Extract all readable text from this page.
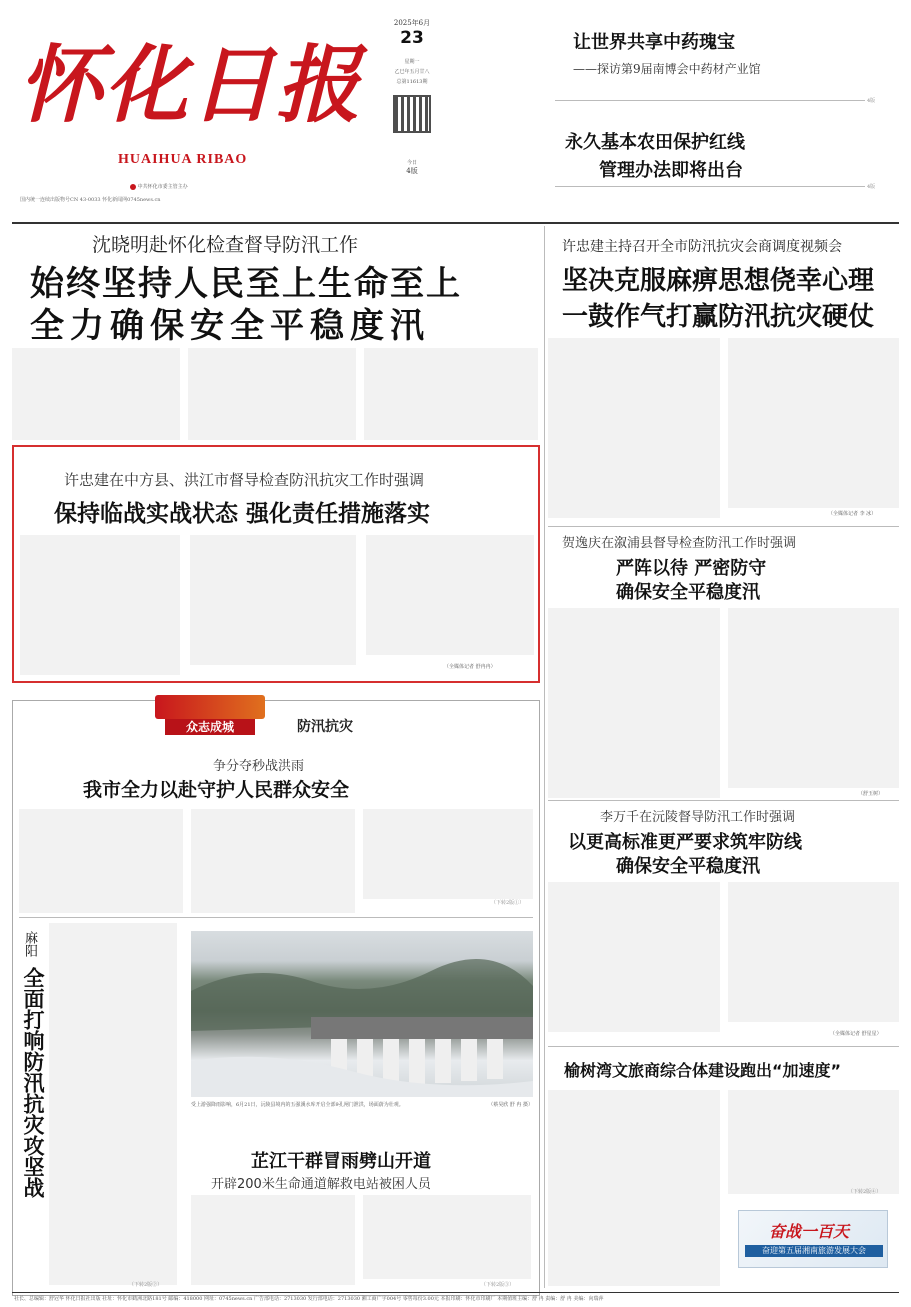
怀化日报
HUAIHUA RIBAO
中共怀化市委主管主办
国内统一连续出版物号CN 43-0033 怀化新闻网0745news.cn
2025年6月
23
星期一
乙巳年五月廿八
总第11613期
今日
4版
让世界共享中药瑰宝
——探访第9届南博会中药材产业馆
4版
永久基本农田保护红线
管理办法即将出台
4版
沈晓明赴怀化检查督导防汛工作
始终坚持人民至上生命至上
全力确保安全平稳度汛
许忠建主持召开全市防汛抗灾会商调度视频会
坚决克服麻痹思想侥幸心理
一鼓作气打赢防汛抗灾硬仗
（全媒体记者 李 冰）
许忠建在中方县、洪江市督导检查防汛抗灾工作时强调
保持临战实战状态 强化责任措施落实
（全媒体记者 舒冉冉）
众志成城	防汛抗灾
争分夺秒战洪雨
我市全力以赴守护人民群众安全
（下转2版①）
麻阳
全面打响防汛抗灾攻坚战
（下转2版②）
受上游强降雨影响，6月21日，沅陵县境内的五强溪水库开启全部9孔闸门泄洪，场面蔚为壮观。	（蔡昊欣 舒 冉 摄）
芷江干群冒雨劈山开道
开辟200米生命通道解救电站被困人员
（下转2版③）
贺逸庆在溆浦县督导检查防汛工作时强调
严阵以待 严密防守
确保安全平稳度汛
（舒玉树）
李万千在沅陵督导防汛工作时强调
以更高标准更严要求筑牢防线
确保安全平稳度汛
（全媒体记者 舒星星）
榆树湾文旅商综合体建设跑出“加速度”
（下转2版④）
奋战一百天
奋迎第五届湘南旅游发展大会
社长、总编辑：舒冠华 怀化日报社出版 社址：怀化市鹤洲北路181号 邮编：418000 网址：0745news.cn 广告部电话：2713030 发行部电话：2713030 湘工商广字004号 零售每份3.00元 本报印刷：怀化市印刷厂 本期值班主编：舒 冉 责编：舒 冉 美编：向瑞萍
